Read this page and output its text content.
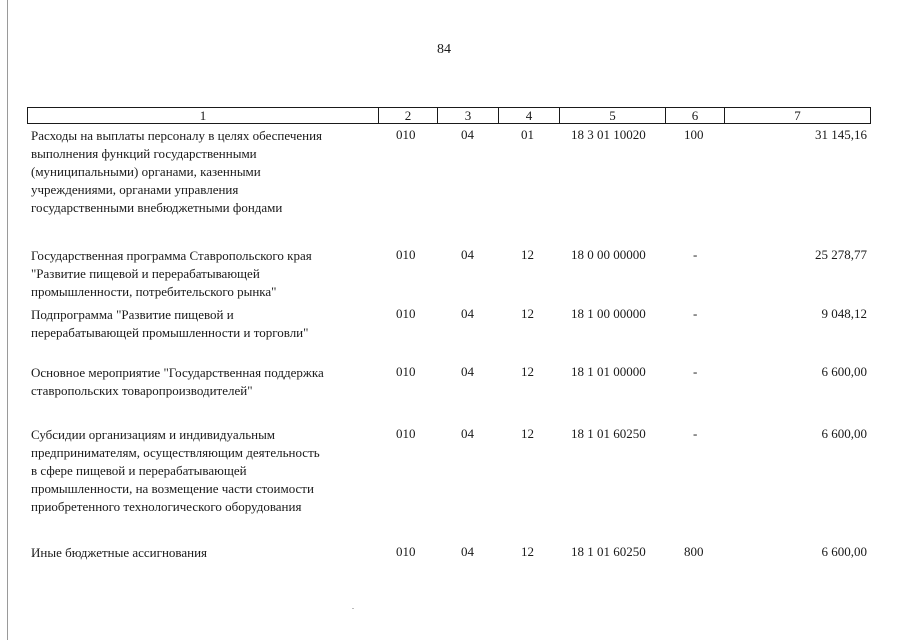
84
1	2	3	4	5	6	7
Расходы на выплаты персоналу в целях обеспечения
выполнения функций государственными
(муниципальными) органами, казенными
учреждениями, органами управления
государственными внебюджетными фондами
010	04	01	18 3 01 10020	100	31 145,16
Государственная программа Ставропольского края
"Развитие пищевой и перерабатывающей
промышленности, потребительского рынка"
010	04	12	18 0 00 00000	-	25 278,77
Подпрограмма "Развитие пищевой и
перерабатывающей промышленности и торговли"
010	04	12	18 1 00 00000	-	9 048,12
Основное мероприятие "Государственная поддержка
ставропольских товаропроизводителей"
010	04	12	18 1 01 00000	-	6 600,00
Субсидии организациям и индивидуальным
предпринимателям, осуществляющим деятельность
в сфере пищевой и перерабатывающей
промышленности, на возмещение части стоимости
приобретенного технологического оборудования
010	04	12	18 1 01 60250	-	6 600,00
Иные бюджетные ассигнования	010	04	12	18 1 01 60250	800	6 600,00
